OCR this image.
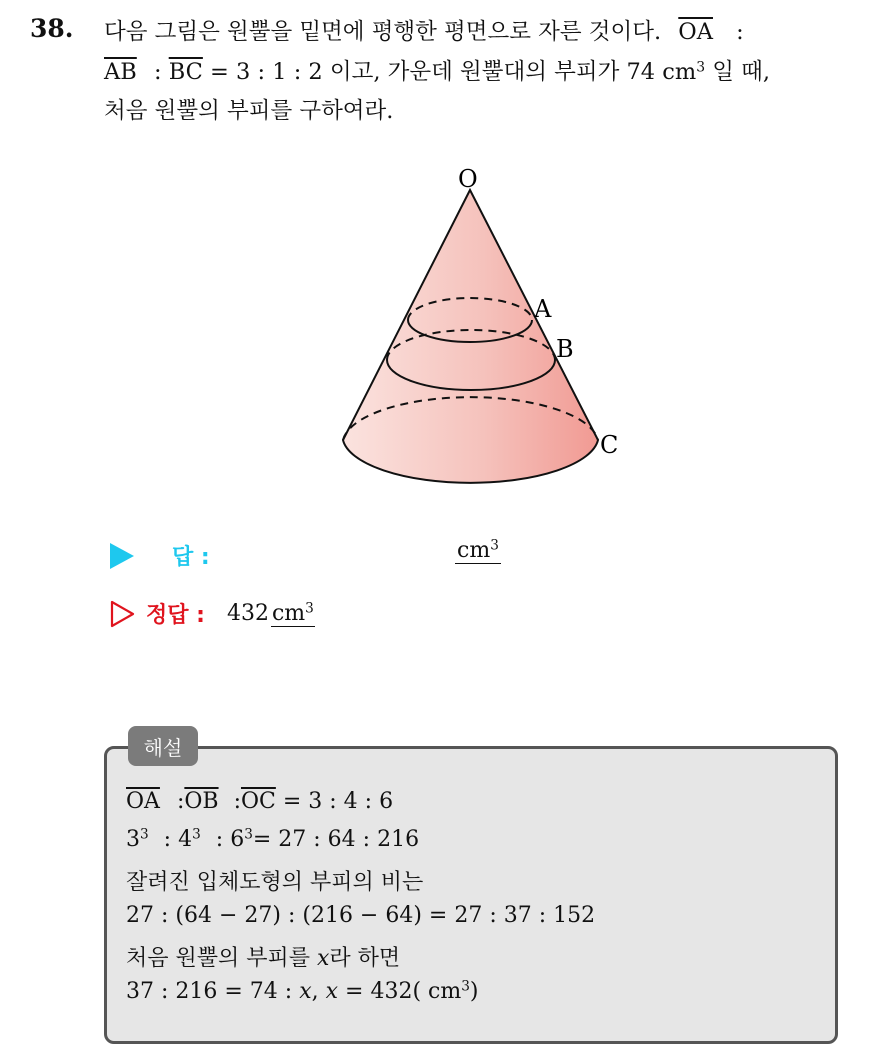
38. 다음 그림은 원뿔을 밑면에 평행한 평면으로 자른 것이다. $\overline{OA}$ :
$\overline{AB}$ : $\overline{BC} = 3$ : 1 : 2 이고, 가운데 원뿔대의 부피가 74 $cm^3$ 일 때,
처음 원뿔의 부피를 구하여라.
O
A
B
C
답 :	$cm^3$
정답 : 432 $cm^3$
해설
$\overline{OA}$ $:\overline{OB}$ $:\overline{OC} = 3$ : 4 : 6
$3^3$ : $4^3$ : $6^3= 27$ : 64 : 216
잘려진 입체도형의 부피의 비는
27 : (64 − 27) : (216 − 64) = 27 : 37 : 152
처음 원뿔의 부피를 x라 하면
37 : 216 = 74 : x, x = 432( $cm^3$)
